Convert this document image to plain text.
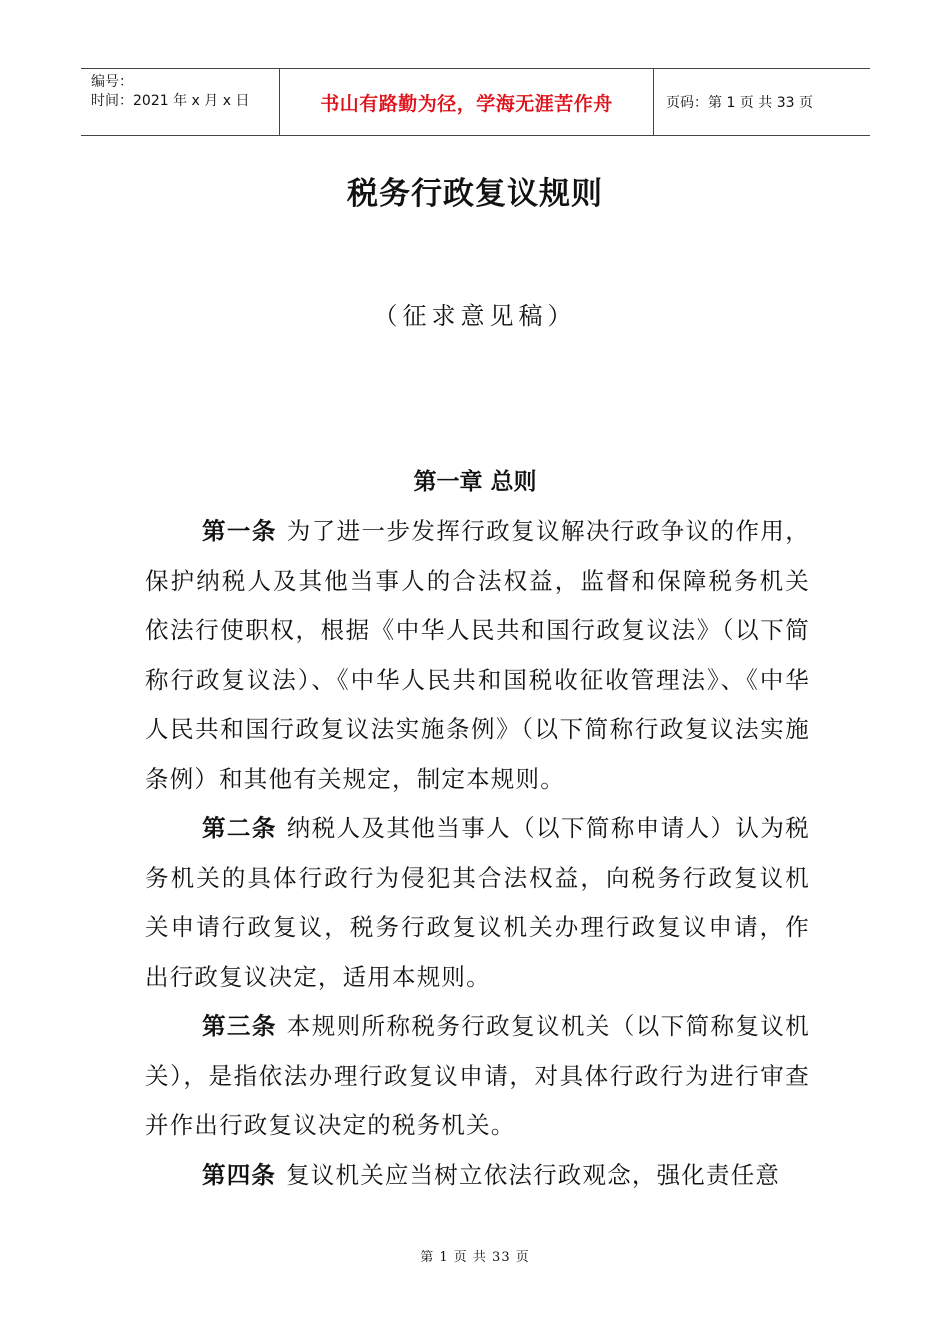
编号：
时间：2021 年 x 月 x 日	书山有路勤为径，学海无涯苦作舟	页码：第 1 页 共 33 页
税务行政复议规则
（征求意见稿）
第一章 总则

第一条 为了进一步发挥行政复议解决行政争议的作用，保护纳税人及其他当事人的合法权益，监督和保障税务机关依法行使职权，根据《中华人民共和国行政复议法》（以下简称行政复议法）、《中华人民共和国税收征收管理法》、《中华人民共和国行政复议法实施条例》（以下简称行政复议法实施条例）和其他有关规定，制定本规则。

第二条 纳税人及其他当事人（以下简称申请人）认为税务机关的具体行政行为侵犯其合法权益，向税务行政复议机关申请行政复议，税务行政复议机关办理行政复议申请，作出行政复议决定，适用本规则。

第三条 本规则所称税务行政复议机关（以下简称复议机关），是指依法办理行政复议申请，对具体行政行为进行审查并作出行政复议决定的税务机关。

第四条 复议机关应当树立依法行政观念，强化责任意

第 1 页 共 33 页
